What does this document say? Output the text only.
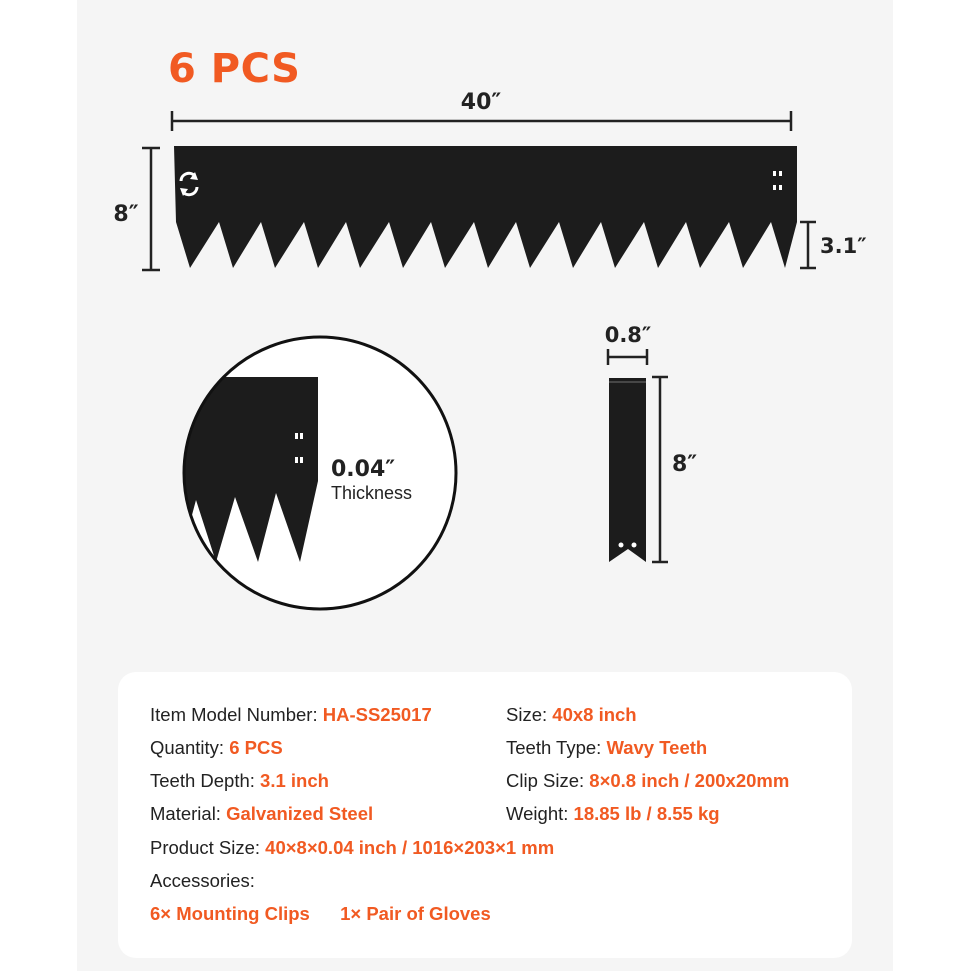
40″
8″
3.1″
0.04″
Thickness
0.8″
8″
6 PCS
Item Model Number: HA-SS25017	Size: 40x8 inch
Quantity: 6 PCS	Teeth Type: Wavy Teeth
Teeth Depth: 3.1 inch	Clip Size: 8×0.8 inch / 200x20mm
Material: Galvanized Steel	Weight: 18.85 lb / 8.55 kg
Product Size: 40×8×0.04 inch / 1016×203×1 mm
Accessories:
6× Mounting Clips 1× Pair of Gloves
